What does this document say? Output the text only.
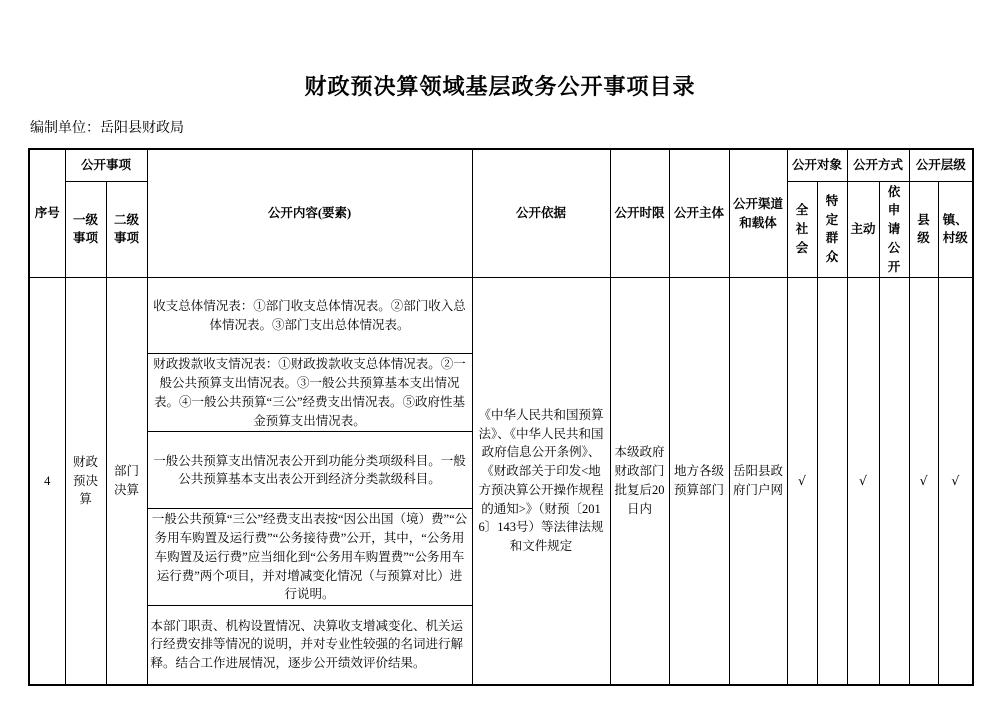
财政预决算领域基层政务公开事项目录
编制单位：岳阳县财政局
序号	公开事项		公开内容(要素)	公开依据	公开时限	公开主体	公开渠道和载体	公开对象		公开方式		公开层级	
	一级事项	二级事项						全社会	特定群众	主动	依申请公开	县级	镇、村级
4	财政预决算	部门决算	收支总体情况表：①部门收支总体情况表。②部门收入总体情况表。③部门支出总体情况表。	《中华人民共和国预算法》、《中华人民共和国政府信息公开条例》、《财政部关于印发<地方预决算公开操作规程的通知>》（财预〔2016〕143号）等法律法规和文件规定	本级政府财政部门批复后20日内	地方各级预算部门	岳阳县政府门户网	√		√		√	√
			财政拨款收支情况表：①财政拨款收支总体情况表。②一般公共预算支出情况表。③一般公共预算基本支出情况表。④一般公共预算“三公”经费支出情况表。⑤政府性基金预算支出情况表。										
			一般公共预算支出情况表公开到功能分类项级科目。一般公共预算基本支出表公开到经济分类款级科目。										
			一般公共预算“三公”经费支出表按“因公出国（境）费”“公务用车购置及运行费”“公务接待费”公开，其中，“公务用车购置及运行费”应当细化到“公务用车购置费”“公务用车运行费”两个项目，并对增减变化情况（与预算对比）进行说明。										
			本部门职责、机构设置情况、决算收支增减变化、机关运行经费安排等情况的说明，并对专业性较强的名词进行解释。结合工作进展情况，逐步公开绩效评价结果。										
